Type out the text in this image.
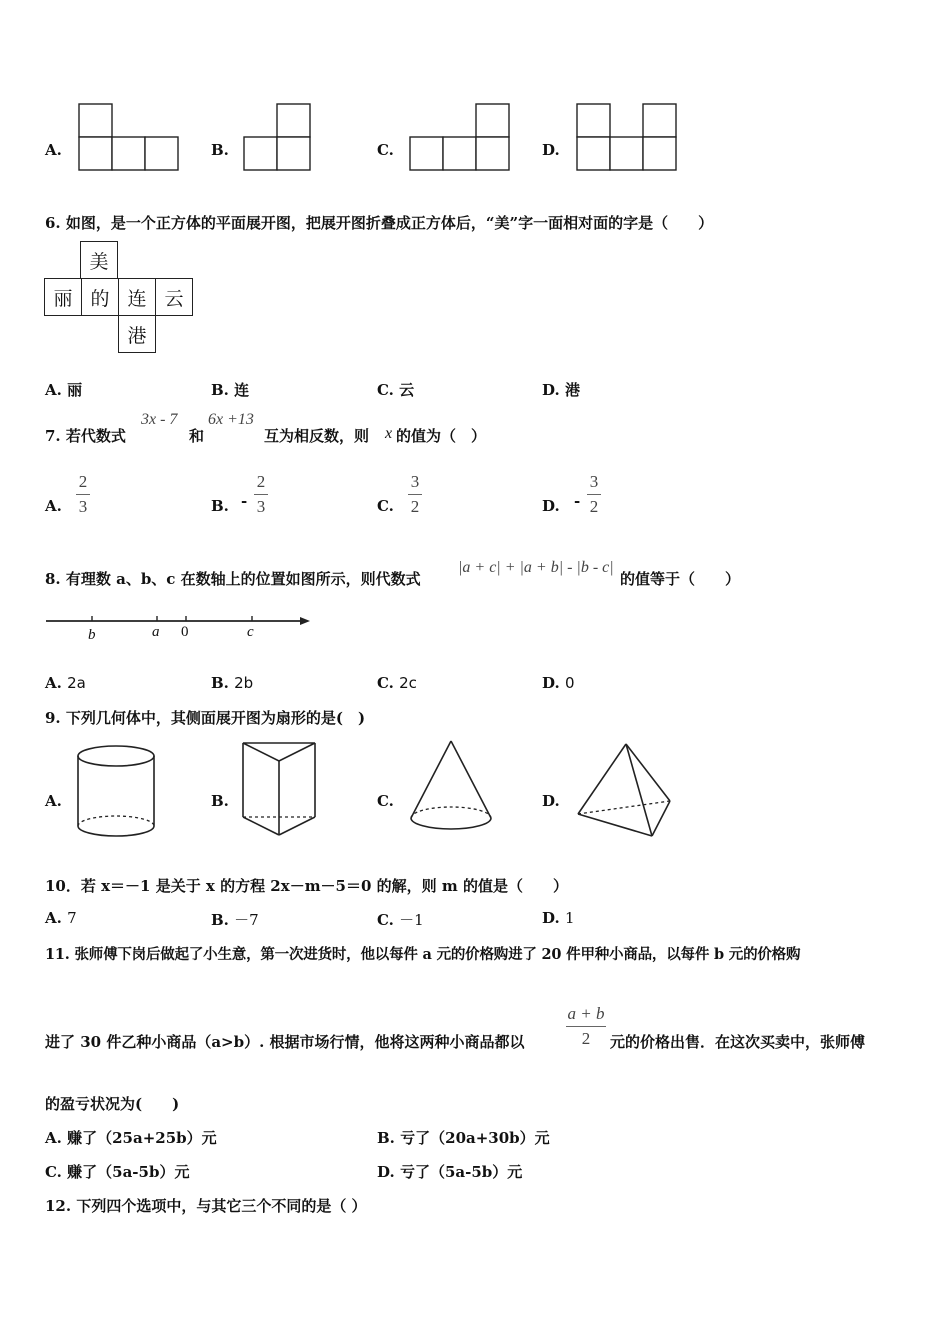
A.	B.	C.	D.
6. 如图，是一个正方体的平面展开图，把展开图折叠成正方体后，“美”字一面相对面的字是（　　）
美
丽 的 连 云
港
A. 丽	B. 连	C. 云	D. 港
7. 若代数式
3x - 7
和
6x +13
互为相反数，则 x 的值为（　）
A.
2
3	B. -
2
3	C.
3
2	D. -
3
2
8. 有理数 a、b、c 在数轴上的位置如图所示，则代数式
|a + c| + |a + b| - |b - c|
的值等于（　　）
b	a 0	c
A. 2a	B. 2b	C. 2c	D. 0
9. 下列几何体中，其侧面展开图为扇形的是(　)
A.	B.	C.	D.
10．若 x＝－1 是关于 x 的方程 2x－m－5＝0 的解，则 m 的值是（　　）
A. 7	B. －7	C. －1	D. 1
11. 张师傅下岗后做起了小生意，第一次进货时，他以每件 a 元的价格购进了 20 件甲种小商品，以每件 b 元的价格购
进了 30 件乙种小商品（a>b）. 根据市场行情，他将这两种小商品都以
a + b
2 元的价格出售．在这次买卖中，张师傅
的盈亏状况为(　　)
A. 赚了（25a+25b）元	B. 亏了（20a+30b）元
C. 赚了（5a-5b）元	D. 亏了（5a-5b）元
12. 下列四个选项中，与其它三个不同的是（ ）
